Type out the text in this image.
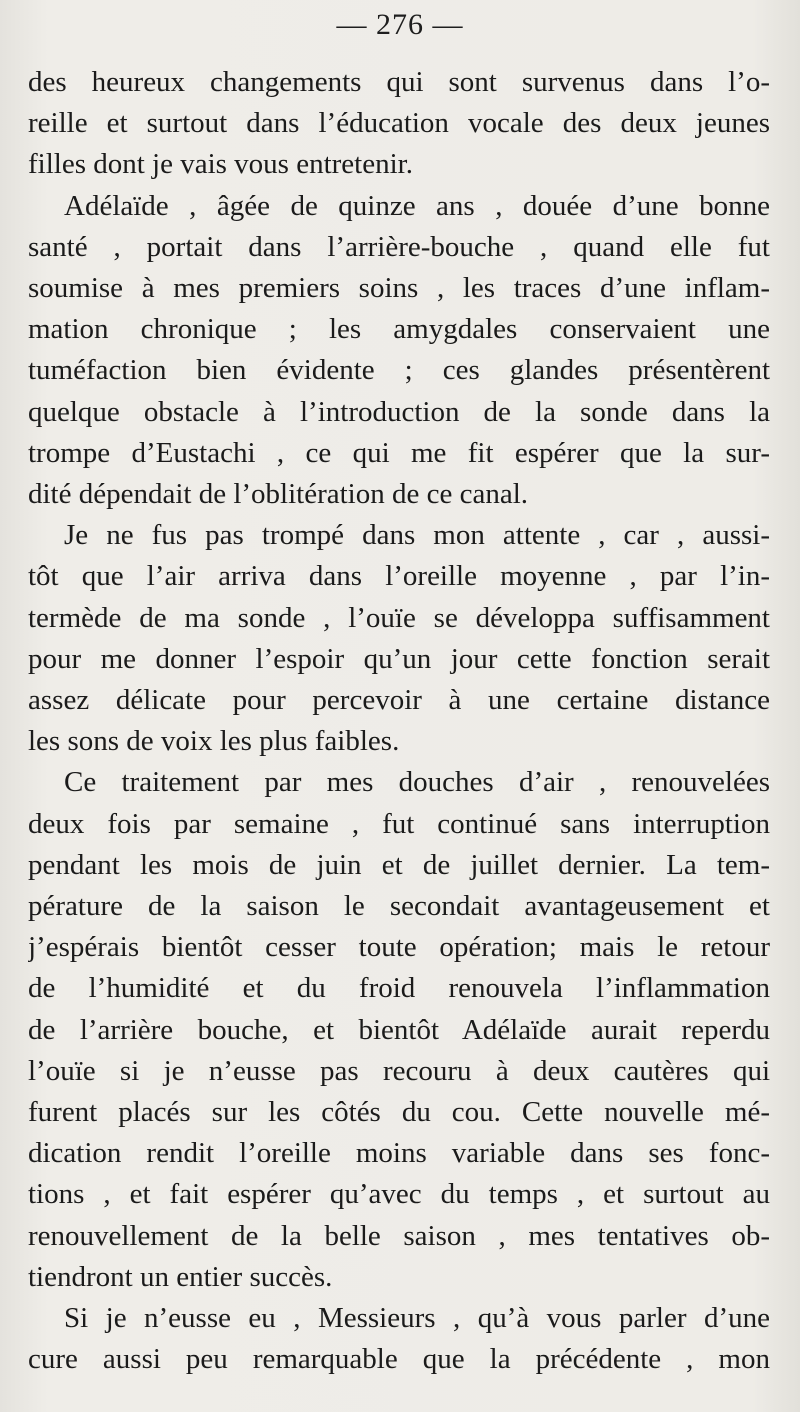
— 276 —
des heureux changements qui sont survenus dans l’o-
reille et surtout dans l’éducation vocale des deux jeunes
filles dont je vais vous entretenir.
Adélaïde , âgée de quinze ans , douée d’une bonne
santé , portait dans l’arrière-bouche , quand elle fut
soumise à mes premiers soins , les traces d’une inflam-
mation chronique ; les amygdales conservaient une
tuméfaction bien évidente ; ces glandes présentèrent
quelque obstacle à l’introduction de la sonde dans la
trompe d’Eustachi , ce qui me fit espérer que la sur-
dité dépendait de l’oblitération de ce canal.
Je ne fus pas trompé dans mon attente , car , aussi-
tôt que l’air arriva dans l’oreille moyenne , par l’in-
termède de ma sonde , l’ouïe se développa suffisamment
pour me donner l’espoir qu’un jour cette fonction serait
assez délicate pour percevoir à une certaine distance
les sons de voix les plus faibles.
Ce traitement par mes douches d’air , renouvelées
deux fois par semaine , fut continué sans interruption
pendant les mois de juin et de juillet dernier. La tem-
pérature de la saison le secondait avantageusement et
j’espérais bientôt cesser toute opération; mais le retour
de l’humidité et du froid renouvela l’inflammation
de l’arrière bouche, et bientôt Adélaïde aurait reperdu
l’ouïe si je n’eusse pas recouru à deux cautères qui
furent placés sur les côtés du cou. Cette nouvelle mé-
dication rendit l’oreille moins variable dans ses fonc-
tions , et fait espérer qu’avec du temps , et surtout au
renouvellement de la belle saison , mes tentatives ob-
tiendront un entier succès.
Si je n’eusse eu , Messieurs , qu’à vous parler d’une
cure aussi peu remarquable que la précédente , mon
